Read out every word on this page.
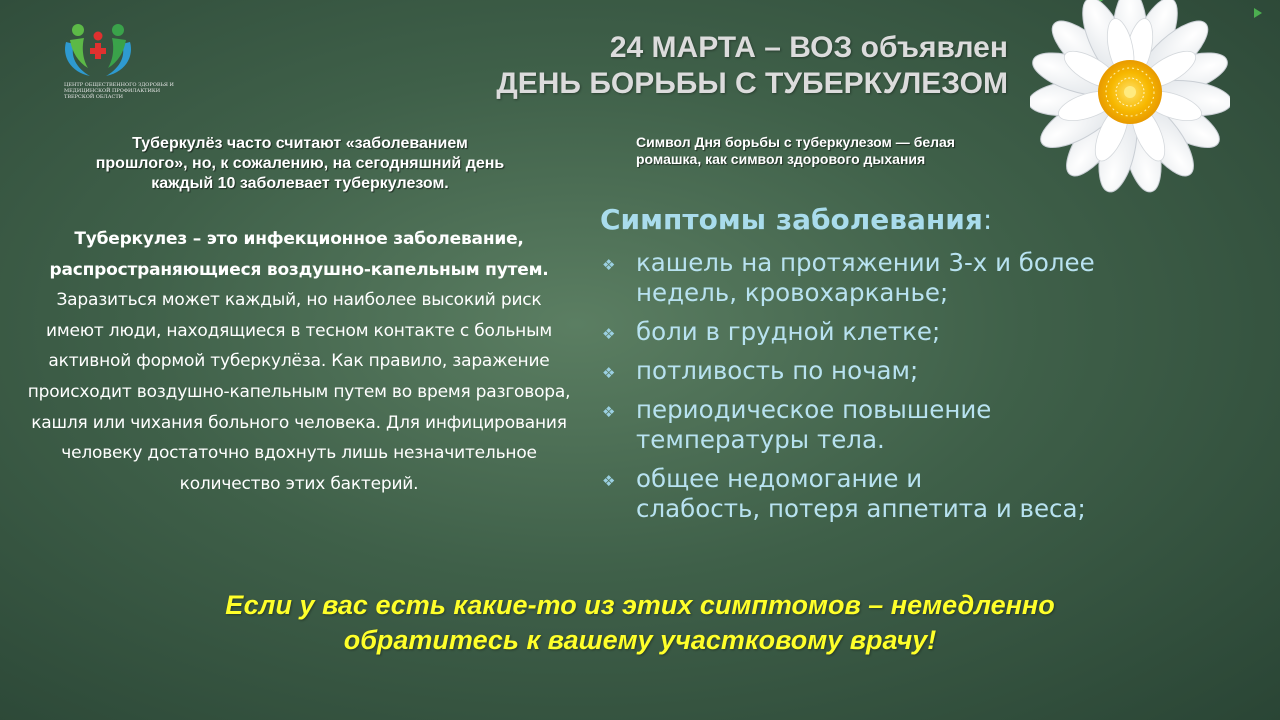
ЦЕНТР ОБЩЕСТВЕННОГО ЗДОРОВЬЯ И МЕДИЦИНСКОЙ ПРОФИЛАКТИКИ ТВЕРСКОЙ ОБЛАСТИ
24 МАРТА – ВОЗ объявлен
ДЕНЬ БОРЬБЫ С ТУБЕРКУЛЕЗОМ
Туберкулёз часто считают «заболеванием
прошлого», но, к сожалению, на сегодняшний день
каждый 10 заболевает туберкулезом.
Символ Дня борьбы с туберкулезом — белая
ромашка, как символ здорового дыхания
Туберкулез – это инфекционное заболевание, распространяющиеся воздушно-капельным путем. Заразиться может каждый, но наиболее высокий риск имеют люди, находящиеся в тесном контакте с больным активной формой туберкулёза. Как правило, заражение происходит воздушно-капельным путем во время разговора, кашля или чихания больного человека. Для инфицирования человеку достаточно вдохнуть лишь незначительное количество этих бактерий.
Симптомы заболевания:
❖ кашель на протяжении 3-х и более
недель, кровохарканье;
❖ боли в грудной клетке;
❖ потливость по ночам;
❖ периодическое повышение
температуры тела.
❖ общее недомогание и
слабость, потеря аппетита и веса;
Если у вас есть какие-то из этих симптомов – немедленно
обратитесь к вашему участковому врачу!
